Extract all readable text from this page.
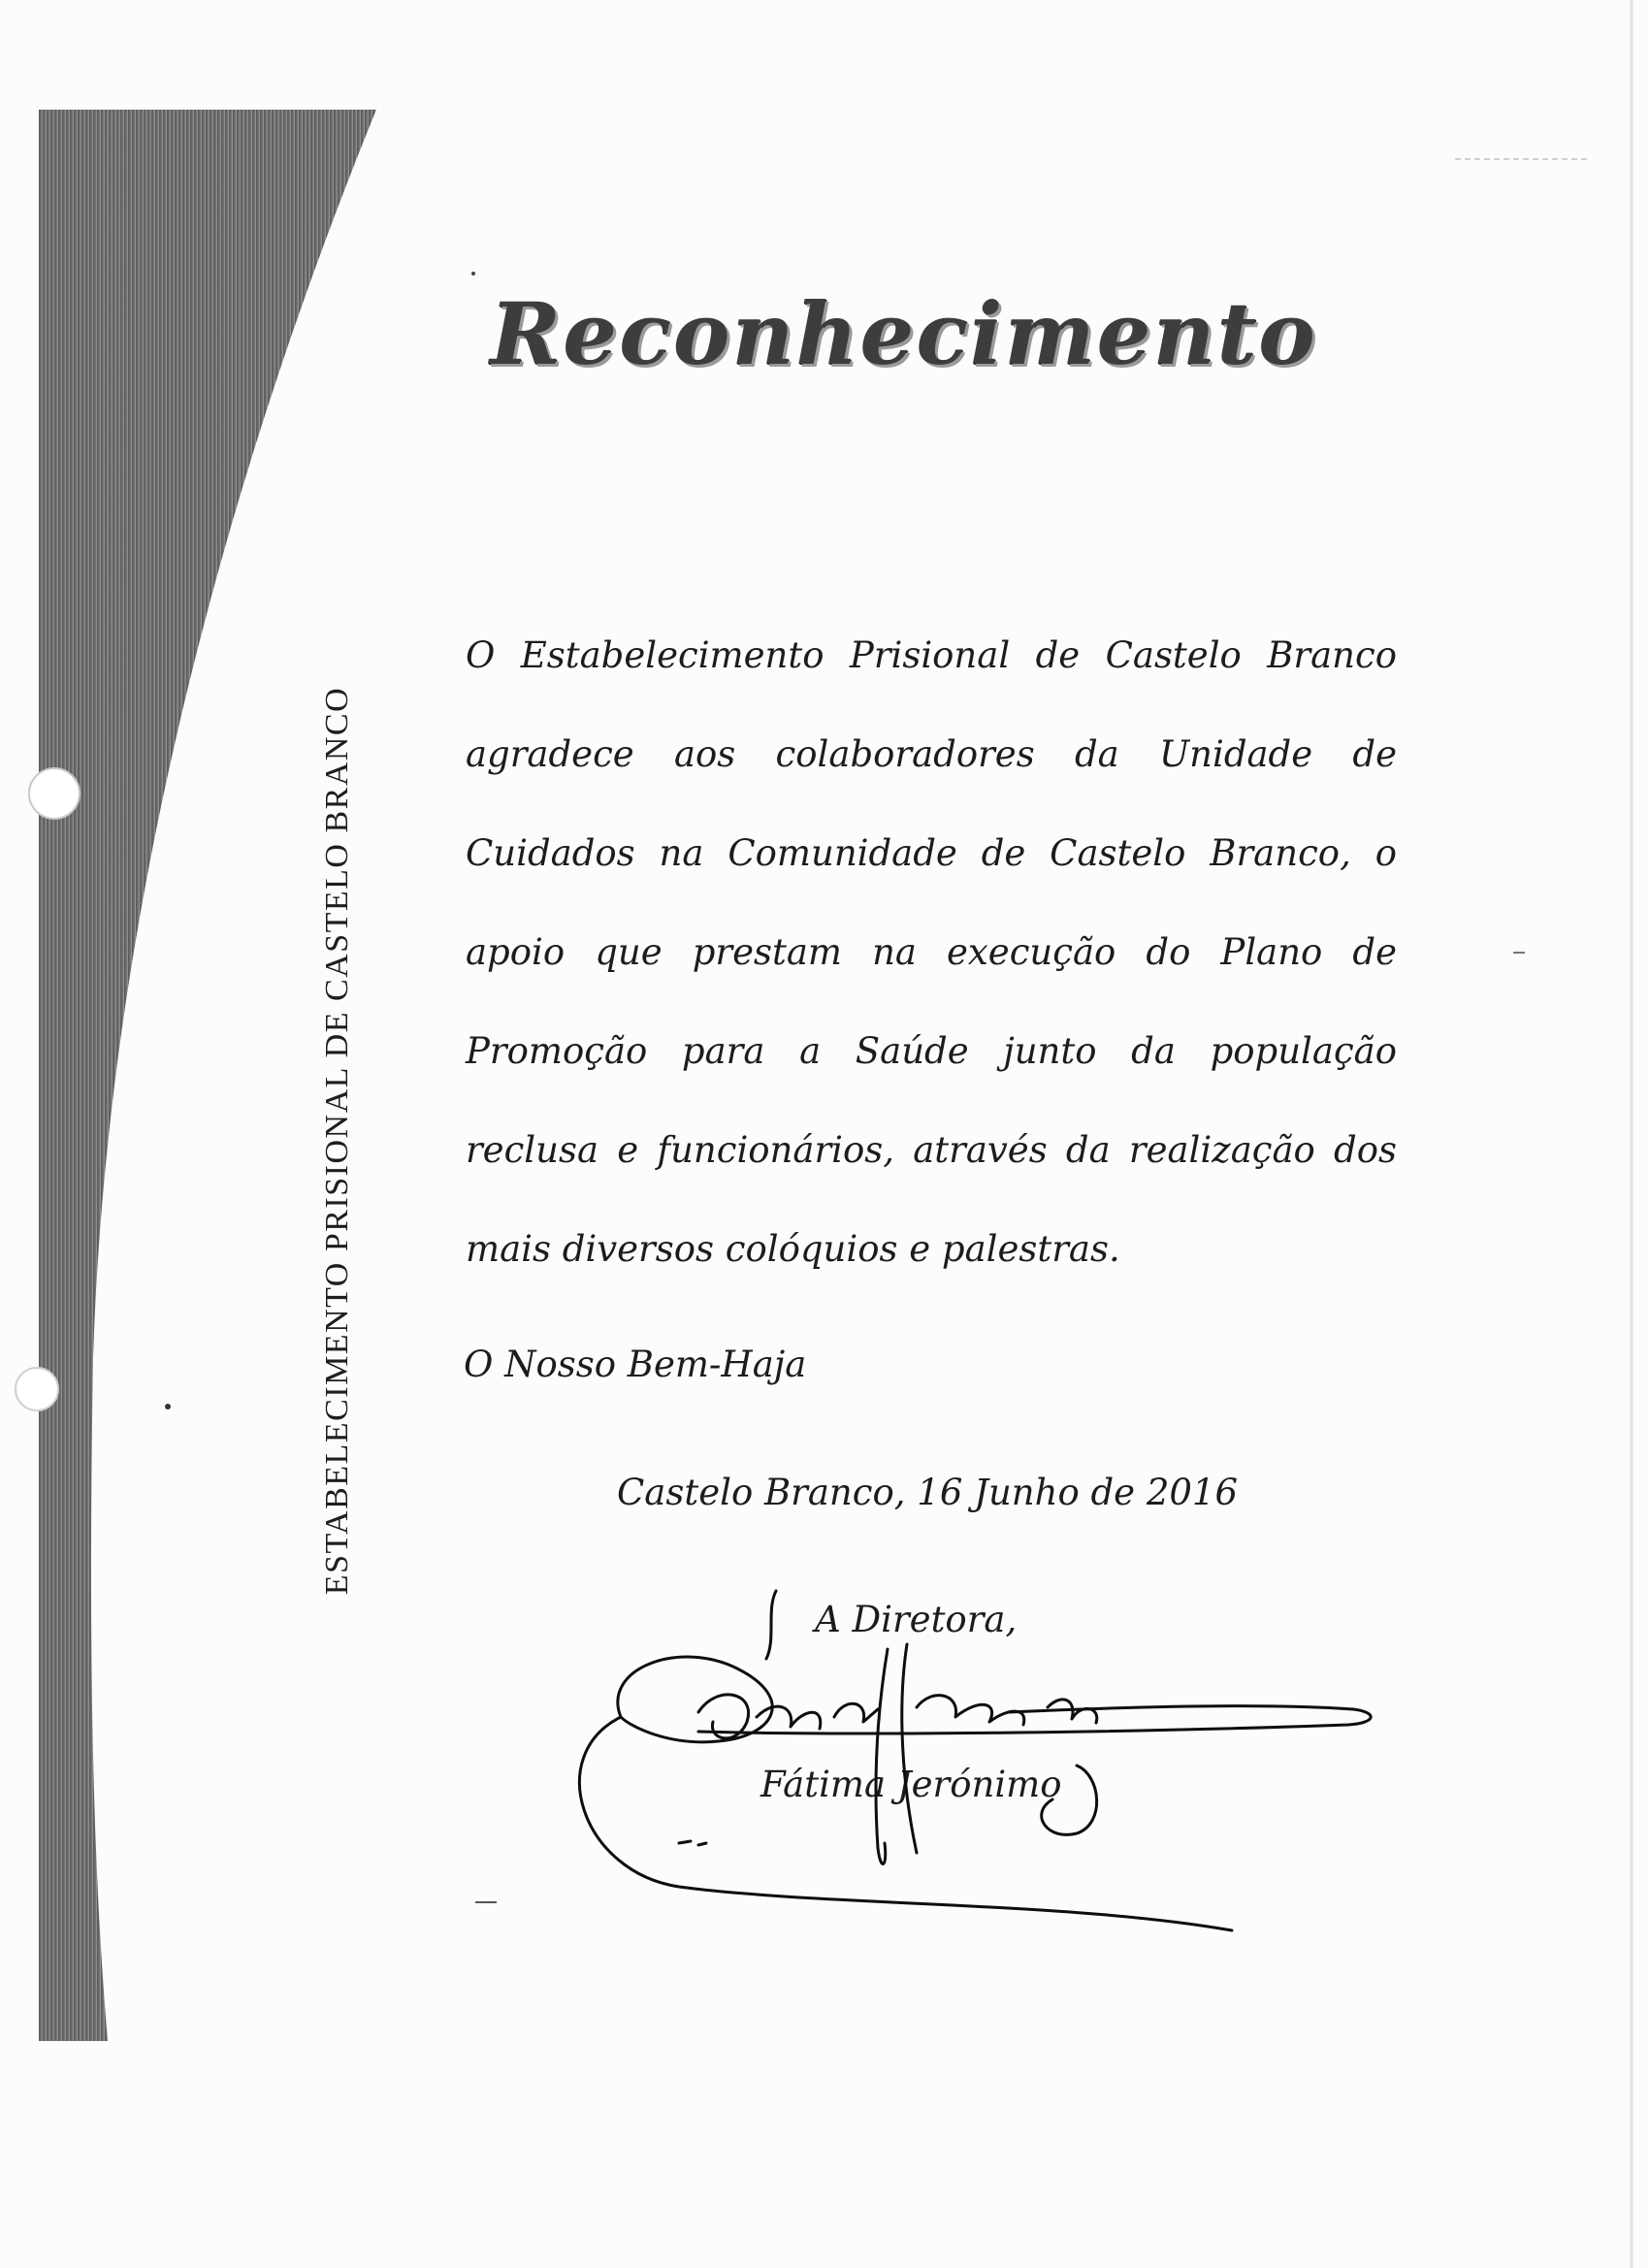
Reconhecimento
ESTABELECIMENTO PRISIONAL DE CASTELO BRANCO
O Estabelecimento Prisional de Castelo Branco
agradece aos colaboradores da Unidade de
Cuidados na Comunidade de Castelo Branco, o
apoio que prestam na execução do Plano de
Promoção para a Saúde junto da população
reclusa e funcionários, através da realização dos
mais diversos colóquios e palestras.

O Nosso Bem-Haja

Castelo Branco, 16 Junho de 2016

A Diretora,

Fátima Jerónimo
